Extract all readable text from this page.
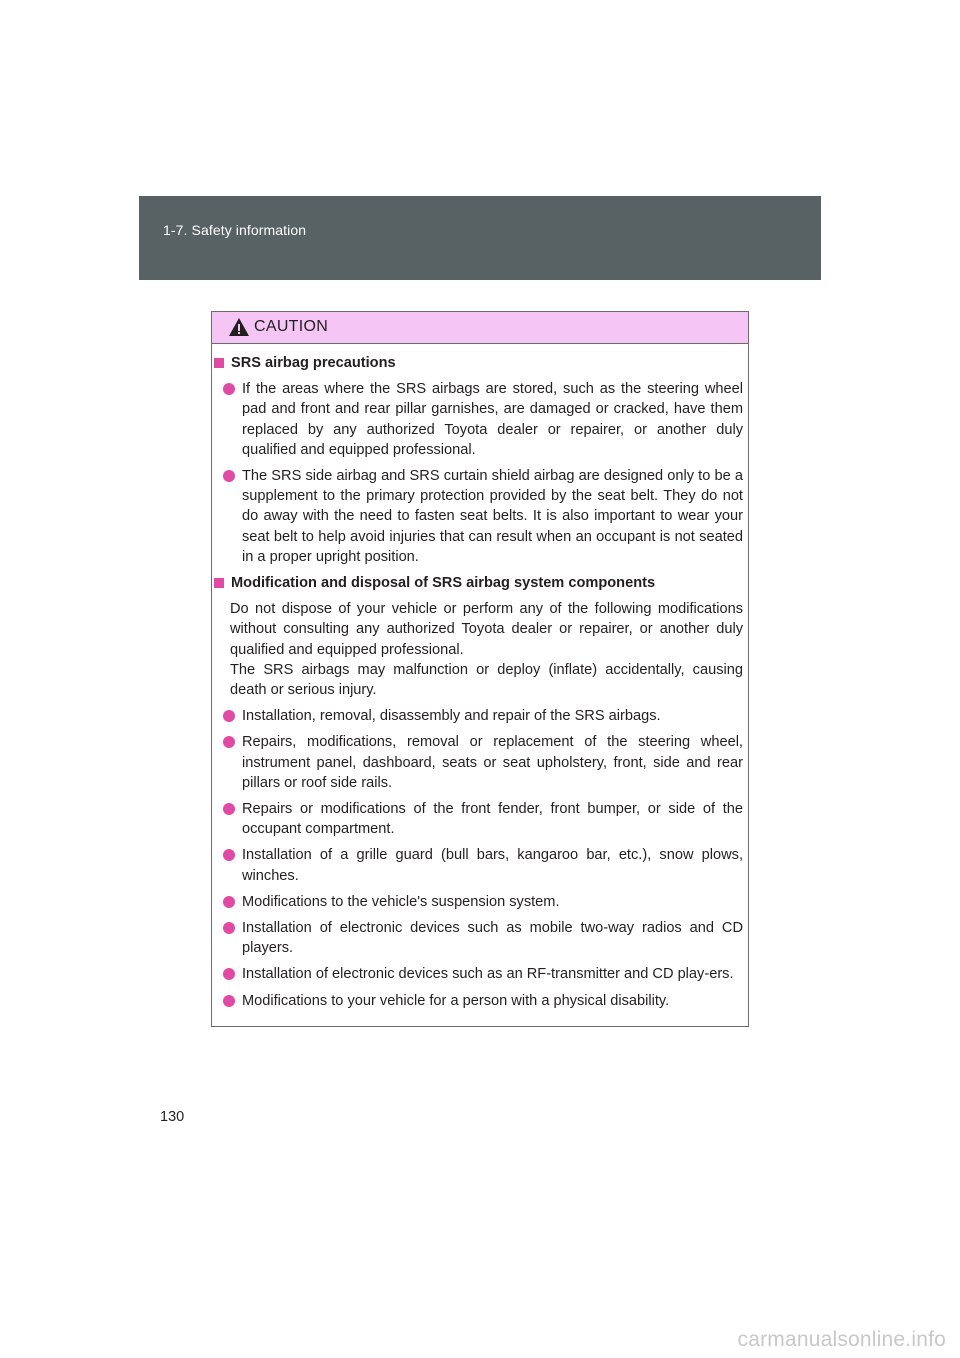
1-7. Safety information
CAUTION
SRS airbag precautions
If the areas where the SRS airbags are stored, such as the steering wheel pad and front and rear pillar garnishes, are damaged or cracked, have them replaced by any authorized Toyota dealer or repairer, or another duly qualified and equipped professional.
The SRS side airbag and SRS curtain shield airbag are designed only to be a supplement to the primary protection provided by the seat belt. They do not do away with the need to fasten seat belts. It is also important to wear your seat belt to help avoid injuries that can result when an occupant is not seated in a proper upright position.
Modification and disposal of SRS airbag system components
Do not dispose of your vehicle or perform any of the following modifications without consulting any authorized Toyota dealer or repairer, or another duly qualified and equipped professional.
The SRS airbags may malfunction or deploy (inflate) accidentally, causing death or serious injury.
Installation, removal, disassembly and repair of the SRS airbags.
Repairs, modifications, removal or replacement of the steering wheel, instrument panel, dashboard, seats or seat upholstery, front, side and rear pillars or roof side rails.
Repairs or modifications of the front fender, front bumper, or side of the occupant compartment.
Installation of a grille guard (bull bars, kangaroo bar, etc.), snow plows, winches.
Modifications to the vehicle's suspension system.
Installation of electronic devices such as mobile two-way radios and CD players.
Installation of electronic devices such as an RF-transmitter and CD play-ers.
Modifications to your vehicle for a person with a physical disability.
130
carmanualsonline.info
